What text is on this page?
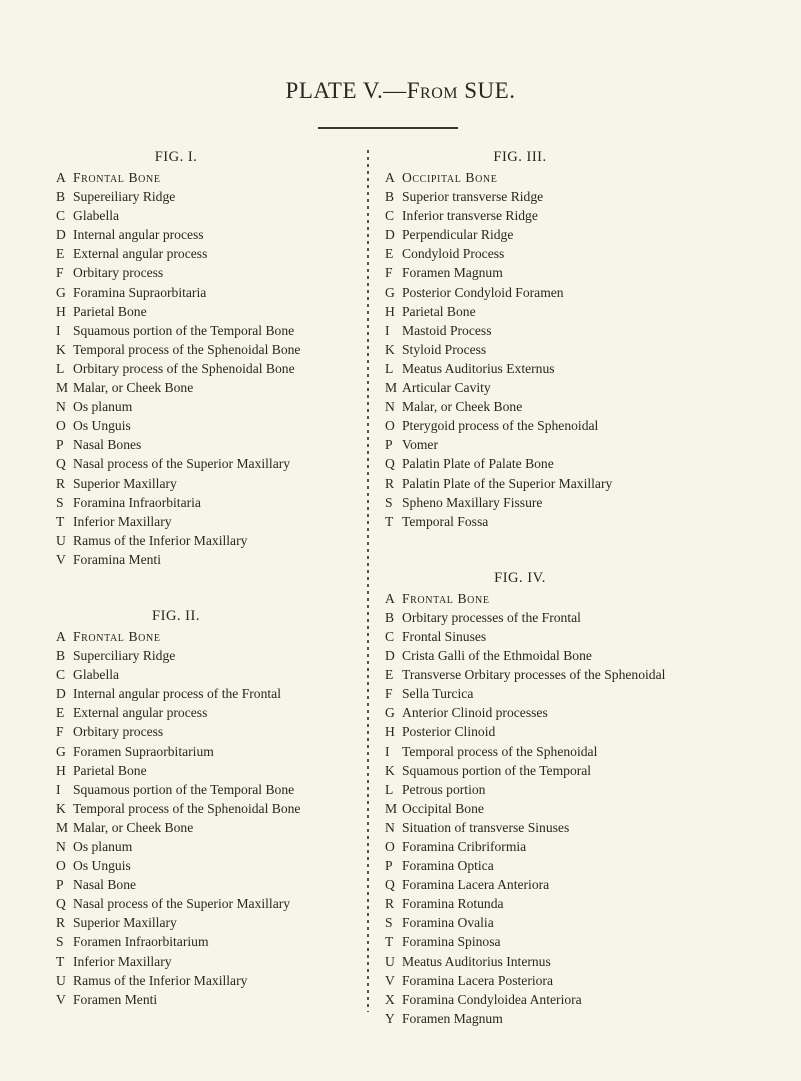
PLATE V.—From SUE.
FIG. I.
A Frontal Bone
B Supereiliary Ridge
C Glabella
D Internal angular process
E External angular process
F Orbitary process
G Foramina Supraorbitaria
H Parietal Bone
I Squamous portion of the Temporal Bone
K Temporal process of the Sphenoidal Bone
L Orbitary process of the Sphenoidal Bone
M Malar, or Cheek Bone
N Os planum
O Os Unguis
P Nasal Bones
Q Nasal process of the Superior Maxillary
R Superior Maxillary
S Foramina Infraorbitaria
T Inferior Maxillary
U Ramus of the Inferior Maxillary
V Foramina Menti
FIG. II.
A Frontal Bone
B Superciliary Ridge
C Glabella
D Internal angular process of the Frontal
E External angular process
F Orbitary process
G Foramen Supraorbitarium
H Parietal Bone
I Squamous portion of the Temporal Bone
K Temporal process of the Sphenoidal Bone
M Malar, or Cheek Bone
N Os planum
O Os Unguis
P Nasal Bone
Q Nasal process of the Superior Maxillary
R Superior Maxillary
S Foramen Infraorbitarium
T Inferior Maxillary
U Ramus of the Inferior Maxillary
V Foramen Menti
FIG. III.
A Occipital Bone
B Superior transverse Ridge
C Inferior transverse Ridge
D Perpendicular Ridge
E Condyloid Process
F Foramen Magnum
G Posterior Condyloid Foramen
H Parietal Bone
I Mastoid Process
K Styloid Process
L Meatus Auditorius Externus
M Articular Cavity
N Malar, or Cheek Bone
O Pterygoid process of the Sphenoidal
P Vomer
Q Palatin Plate of Palate Bone
R Palatin Plate of the Superior Maxillary
S Spheno Maxillary Fissure
T Temporal Fossa
FIG. IV.
A Frontal Bone
B Orbitary processes of the Frontal
C Frontal Sinuses
D Crista Galli of the Ethmoidal Bone
E Transverse Orbitary processes of the Sphenoidal
F Sella Turcica
G Anterior Clinoid processes
H Posterior Clinoid
I Temporal process of the Sphenoidal
K Squamous portion of the Temporal
L Petrous portion
M Occipital Bone
N Situation of transverse Sinuses
O Foramina Cribriformia
P Foramina Optica
Q Foramina Lacera Anteriora
R Foramina Rotunda
S Foramina Ovalia
T Foramina Spinosa
U Meatus Auditorius Internus
V Foramina Lacera Posteriora
X Foramina Condyloidea Anteriora
Y Foramen Magnum
